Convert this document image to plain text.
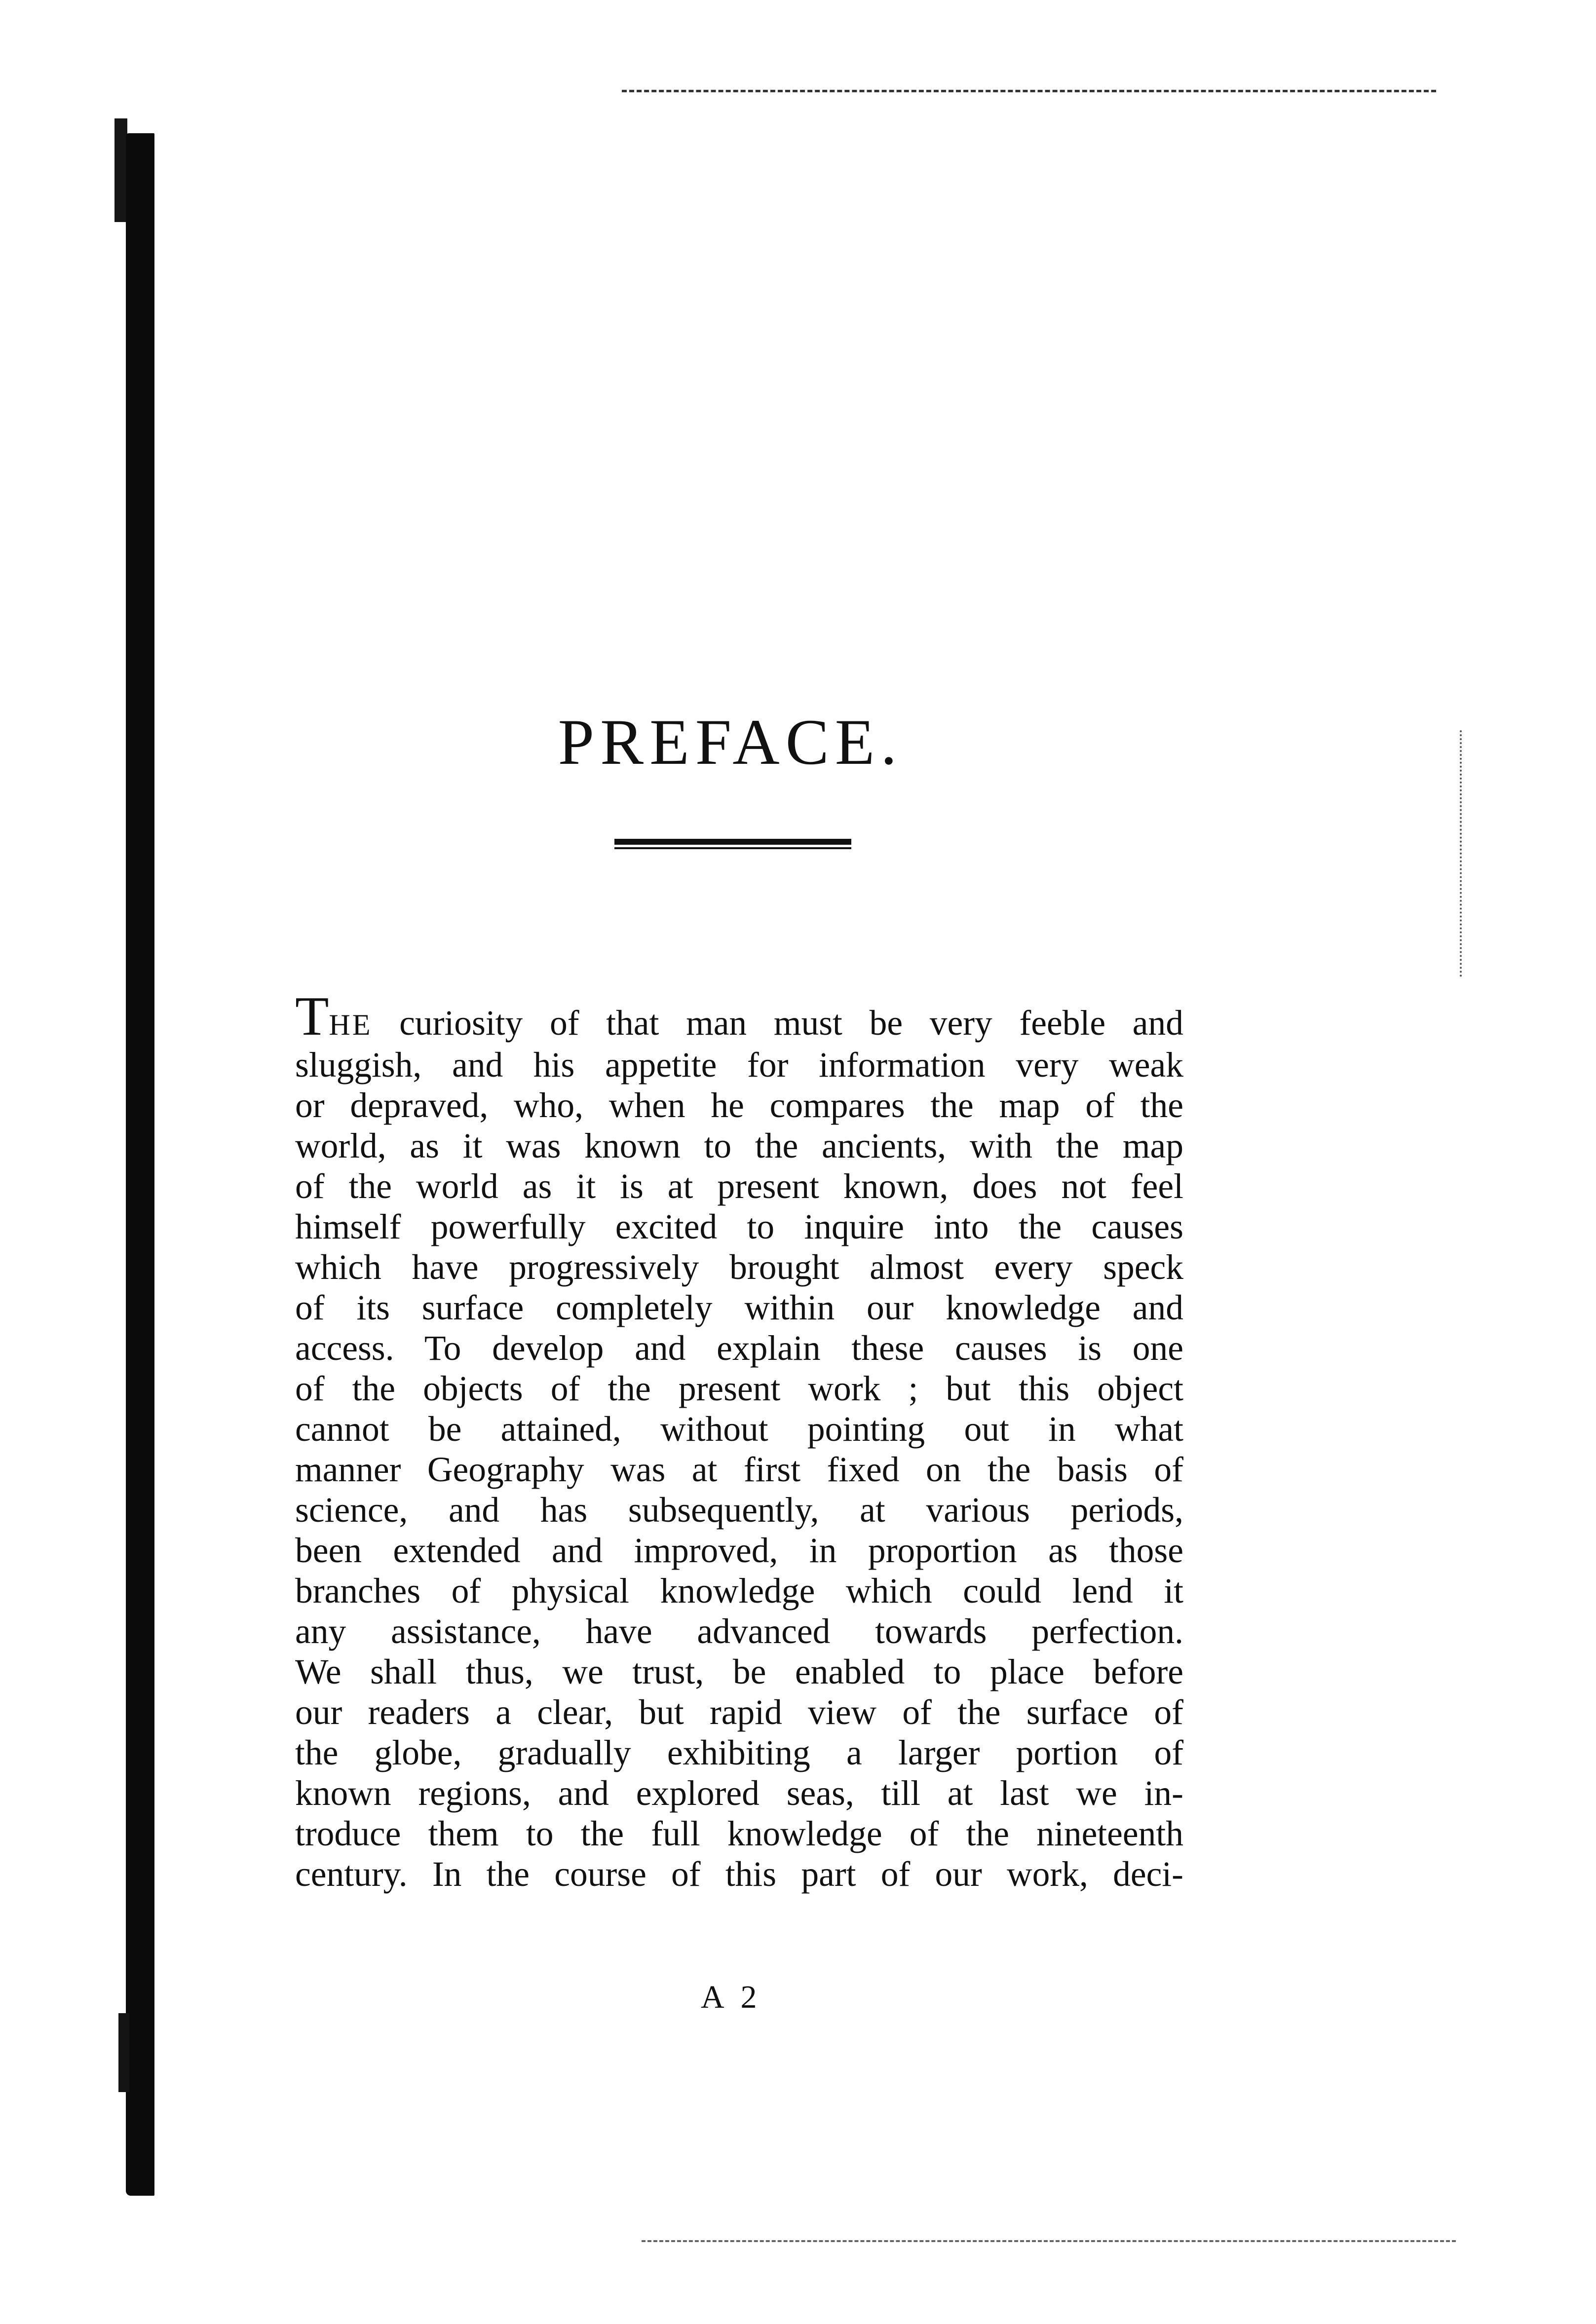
PREFACE.
THE curiosity of that man must be very feeble and
sluggish, and his appetite for information very weak
or depraved, who, when he compares the map of the
world, as it was known to the ancients, with the map
of the world as it is at present known, does not feel
himself powerfully excited to inquire into the causes
which have progressively brought almost every speck
of its surface completely within our knowledge and
access. To develop and explain these causes is one
of the objects of the present work ; but this object
cannot be attained, without pointing out in what
manner Geography was at first fixed on the basis of
science, and has subsequently, at various periods,
been extended and improved, in proportion as those
branches of physical knowledge which could lend it
any assistance, have advanced towards perfection.
We shall thus, we trust, be enabled to place before
our readers a clear, but rapid view of the surface of
the globe, gradually exhibiting a larger portion of
known regions, and explored seas, till at last we in-
troduce them to the full knowledge of the nineteenth
century. In the course of this part of our work, deci-
A 2
